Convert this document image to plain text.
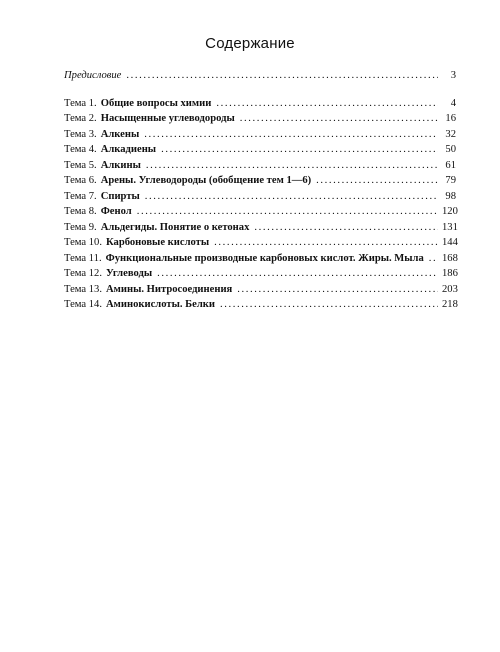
Содержание
Предисловие .....	3
Тема 1. Общие вопросы химии .....	4
Тема 2. Насыщенные углеводороды .....	16
Тема 3. Алкены .....	32
Тема 4. Алкадиены .....	50
Тема 5. Алкины .....	61
Тема 6. Арены. Углеводороды (обобщение тем 1—6) .....	79
Тема 7. Спирты .....	98
Тема 8. Фенол .....	120
Тема 9. Альдегиды. Понятие о кетонах .....	131
Тема 10. Карбоновые кислоты .....	144
Тема 11. Функциональные производные карбоновых кислот. Жиры. Мыла ..... 168
Тема 12. Углеводы .....	186
Тема 13. Амины. Нитросоединения .....	203
Тема 14. Аминокислоты. Белки .....	218
